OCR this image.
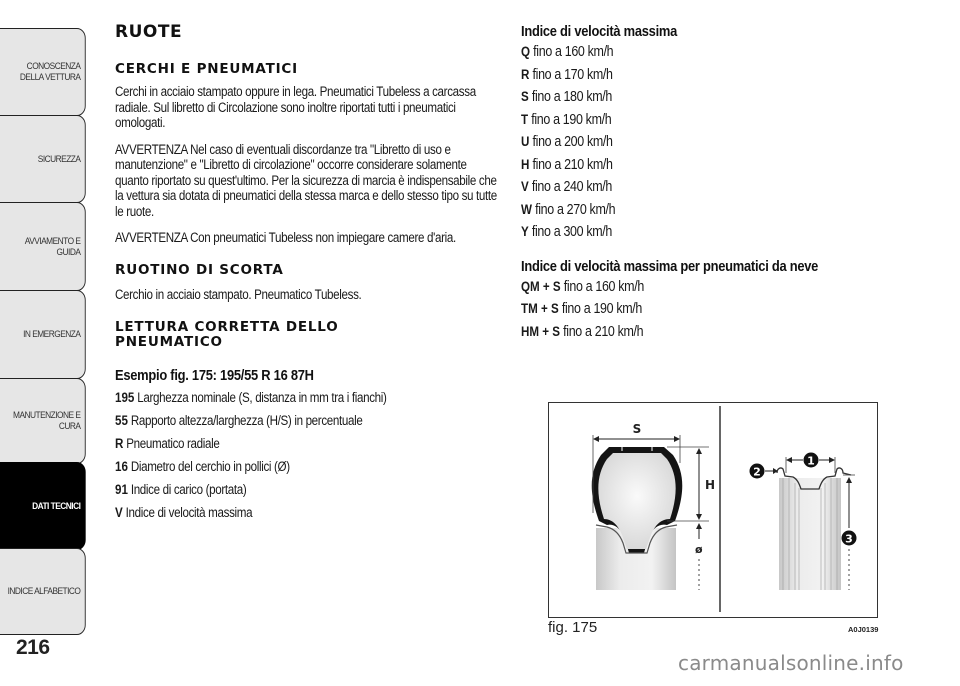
CONOSCENZA
DELLA VETTURA
SICUREZZA
AVVIAMENTO E
GUIDA
IN EMERGENZA
MANUTENZIONE E
CURA
DATI TECNICI
INDICE ALFABETICO
216
RUOTE
CERCHI E PNEUMATICI

Cerchi in acciaio stampato oppure in lega. Pneumatici Tubeless a carcassa radiale. Sul libretto di Circolazione sono inoltre riportati tutti i pneumatici omologati.

AVVERTENZA Nel caso di eventuali discordanze tra "Libretto di uso e manutenzione" e "Libretto di circolazione" occorre considerare solamente quanto riportato su quest'ultimo. Per la sicurezza di marcia è indispensabile che la vettura sia dotata di pneumatici della stessa marca e dello stesso tipo su tutte le ruote.

AVVERTENZA Con pneumatici Tubeless non impiegare camere d'aria.

RUOTINO DI SCORTA

Cerchio in acciaio stampato. Pneumatico Tubeless.

LETTURA CORRETTA DELLO
PNEUMATICO

Esempio fig. 175: 195/55 R 16 87H

195 Larghezza nominale (S, distanza in mm tra i fianchi)
55 Rapporto altezza/larghezza (H/S) in percentuale
R Pneumatico radiale
16 Diametro del cerchio in pollici (Ø)
91 Indice di carico (portata)
V Indice di velocità massima

Indice di velocità massima

Q fino a 160 km/h
R fino a 170 km/h
S fino a 180 km/h
T fino a 190 km/h
U fino a 200 km/h
H fino a 210 km/h
V fino a 240 km/h
W fino a 270 km/h
Y fino a 300 km/h

Indice di velocità massima per pneumatici da neve

QM + S fino a 160 km/h
TM + S fino a 190 km/h
HM + S fino a 210 km/h
S
H
ø
1
2
3
fig. 175	A0J0139
carmanualsonline.info
